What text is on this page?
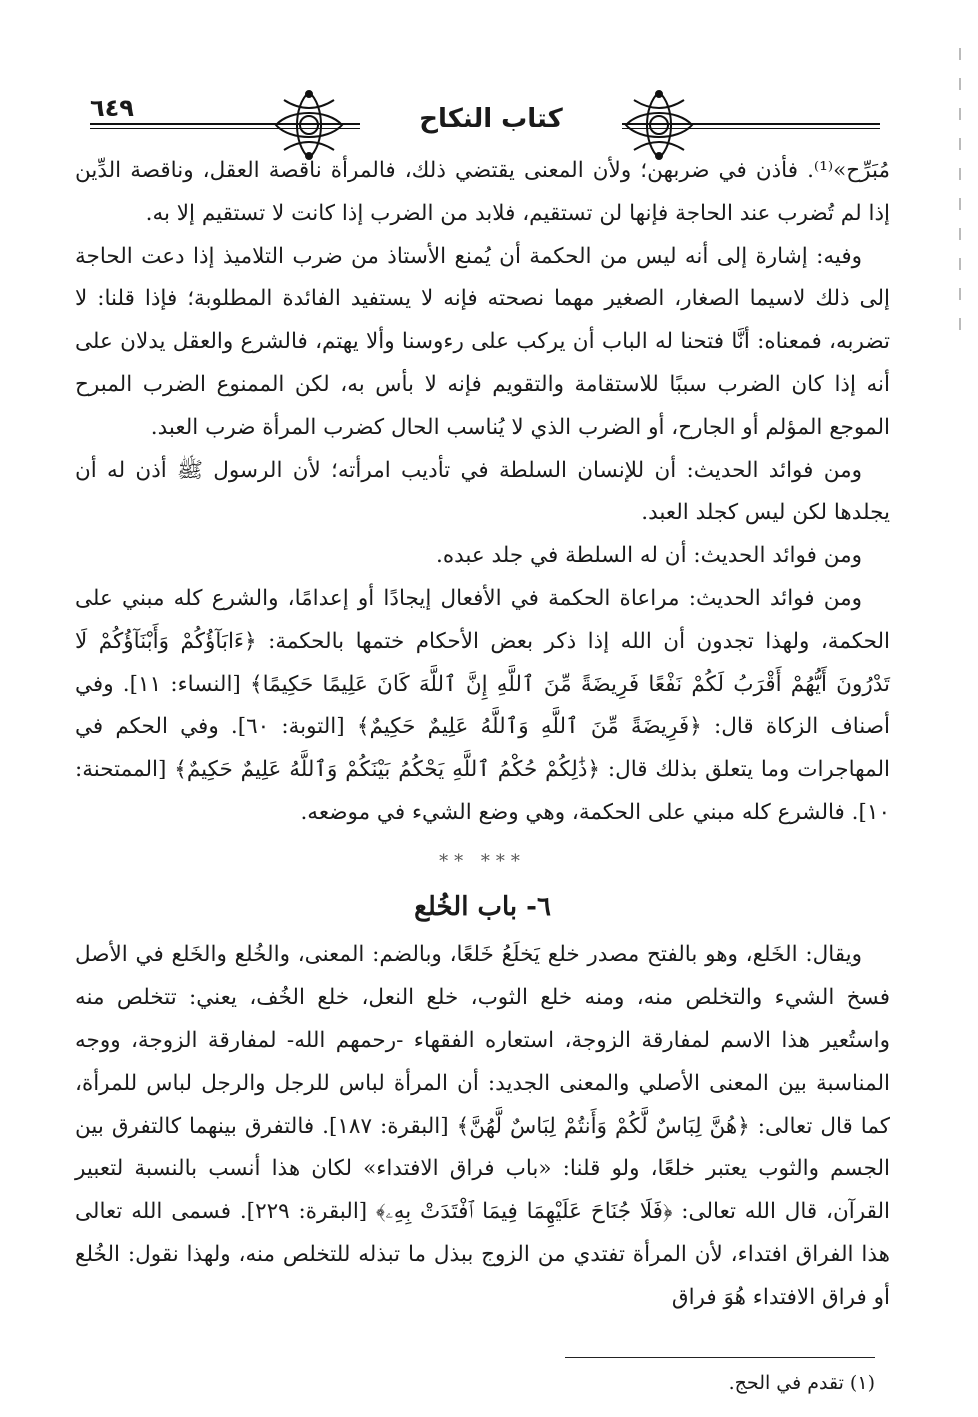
٦٤٩	كتاب النكاح

مُبَرِّح»⁽¹⁾. فأذن في ضربهن؛ ولأن المعنى يقتضي ذلك، فالمرأة ناقصة العقل، وناقصة الدِّين إذا لم تُضرب عند الحاجة فإنها لن تستقيم، فلابد من الضرب إذا كانت لا تستقيم إلا به.

وفيه: إشارة إلى أنه ليس من الحكمة أن يُمنع الأستاذ من ضرب التلاميذ إذا دعت الحاجة إلى ذلك لاسيما الصغار، الصغير مهما نصحته فإنه لا يستفيد الفائدة المطلوبة؛ فإذا قلنا: لا تضربه، فمعناه: أنَّا فتحنا له الباب أن يركب على رءوسنا وألا يهتم، فالشرع والعقل يدلان على أنه إذا كان الضرب سببًا للاستقامة والتقويم فإنه لا بأس به، لكن الممنوع الضرب المبرح الموجع المؤلم أو الجارح، أو الضرب الذي لا يُناسب الحال كضرب المرأة ضرب العبد.

ومن فوائد الحديث: أن للإنسان السلطة في تأديب امرأته؛ لأن الرسول ﷺ أذن له أن يجلدها لكن ليس كجلد العبد.

ومن فوائد الحديث: أن له السلطة في جلد عبده.

ومن فوائد الحديث: مراعاة الحكمة في الأفعال إيجادًا أو إعدامًا، والشرع كله مبني على الحكمة، ولهذا تجدون أن الله إذا ذكر بعض الأحكام ختمها بالحكمة: ﴿ءَابَآؤُكُمْ وَأَبْنَآؤُكُمْ لَا تَدْرُونَ أَيُّهُمْ أَقْرَبُ لَكُمْ نَفْعًا فَرِيضَةً مِّنَ ٱللَّهِ إِنَّ ٱللَّهَ كَانَ عَلِيمًا حَكِيمًا﴾ [النساء: ١١]. وفي أصناف الزكاة قال: ﴿فَرِيضَةً مِّنَ ٱللَّهِ وَٱللَّهُ عَلِيمٌ حَكِيمٌ﴾ [التوبة: ٦٠]. وفي الحكم في المهاجرات وما يتعلق بذلك قال: ﴿ذَٰلِكُمْ حُكْمُ ٱللَّهِ يَحْكُمُ بَيْنَكُمْ وَٱللَّهُ عَلِيمٌ حَكِيمٌ﴾ [الممتحنة: ١٠]. فالشرع كله مبني على الحكمة، وهي وضع الشيء في موضعه.

*** **
٦- باب الخُلع

ويقال: الخَلع، وهو بالفتح مصدر خلع يَخلَعُ خَلعًا، وبالضم: المعنى، والخُلع والخَلع في الأصل فسخ الشيء والتخلص منه، ومنه خلع الثوب، خلع النعل، خلع الخُف، يعني: تتخلص منه واستُعير هذا الاسم لمفارقة الزوجة، استعاره الفقهاء -رحمهم الله- لمفارقة الزوجة، ووجه المناسبة بين المعنى الأصلي والمعنى الجديد: أن المرأة لباس للرجل والرجل لباس للمرأة، كما قال تعالى: ﴿هُنَّ لِبَاسٌ لَّكُمْ وَأَنتُمْ لِبَاسٌ لَّهُنَّ﴾ [البقرة: ١٨٧]. فالتفرق بينهما كالتفرق بين الجسم والثوب يعتبر خلعًا، ولو قلنا: «باب فراق الافتداء» لكان هذا أنسب بالنسبة لتعبير القرآن، قال الله تعالى: ﴿فَلَا جُنَاحَ عَلَيْهِمَا فِيمَا ٱفْتَدَتْ بِهِۦ﴾ [البقرة: ٢٢٩]. فسمى الله تعالى هذا الفراق افتداء، لأن المرأة تفتدي من الزوج ببذل ما تبذله للتخلص منه، ولهذا نقول: الخُلع أو فراق الافتداء هُوَ فراق

(١) تقدم في الحج.
